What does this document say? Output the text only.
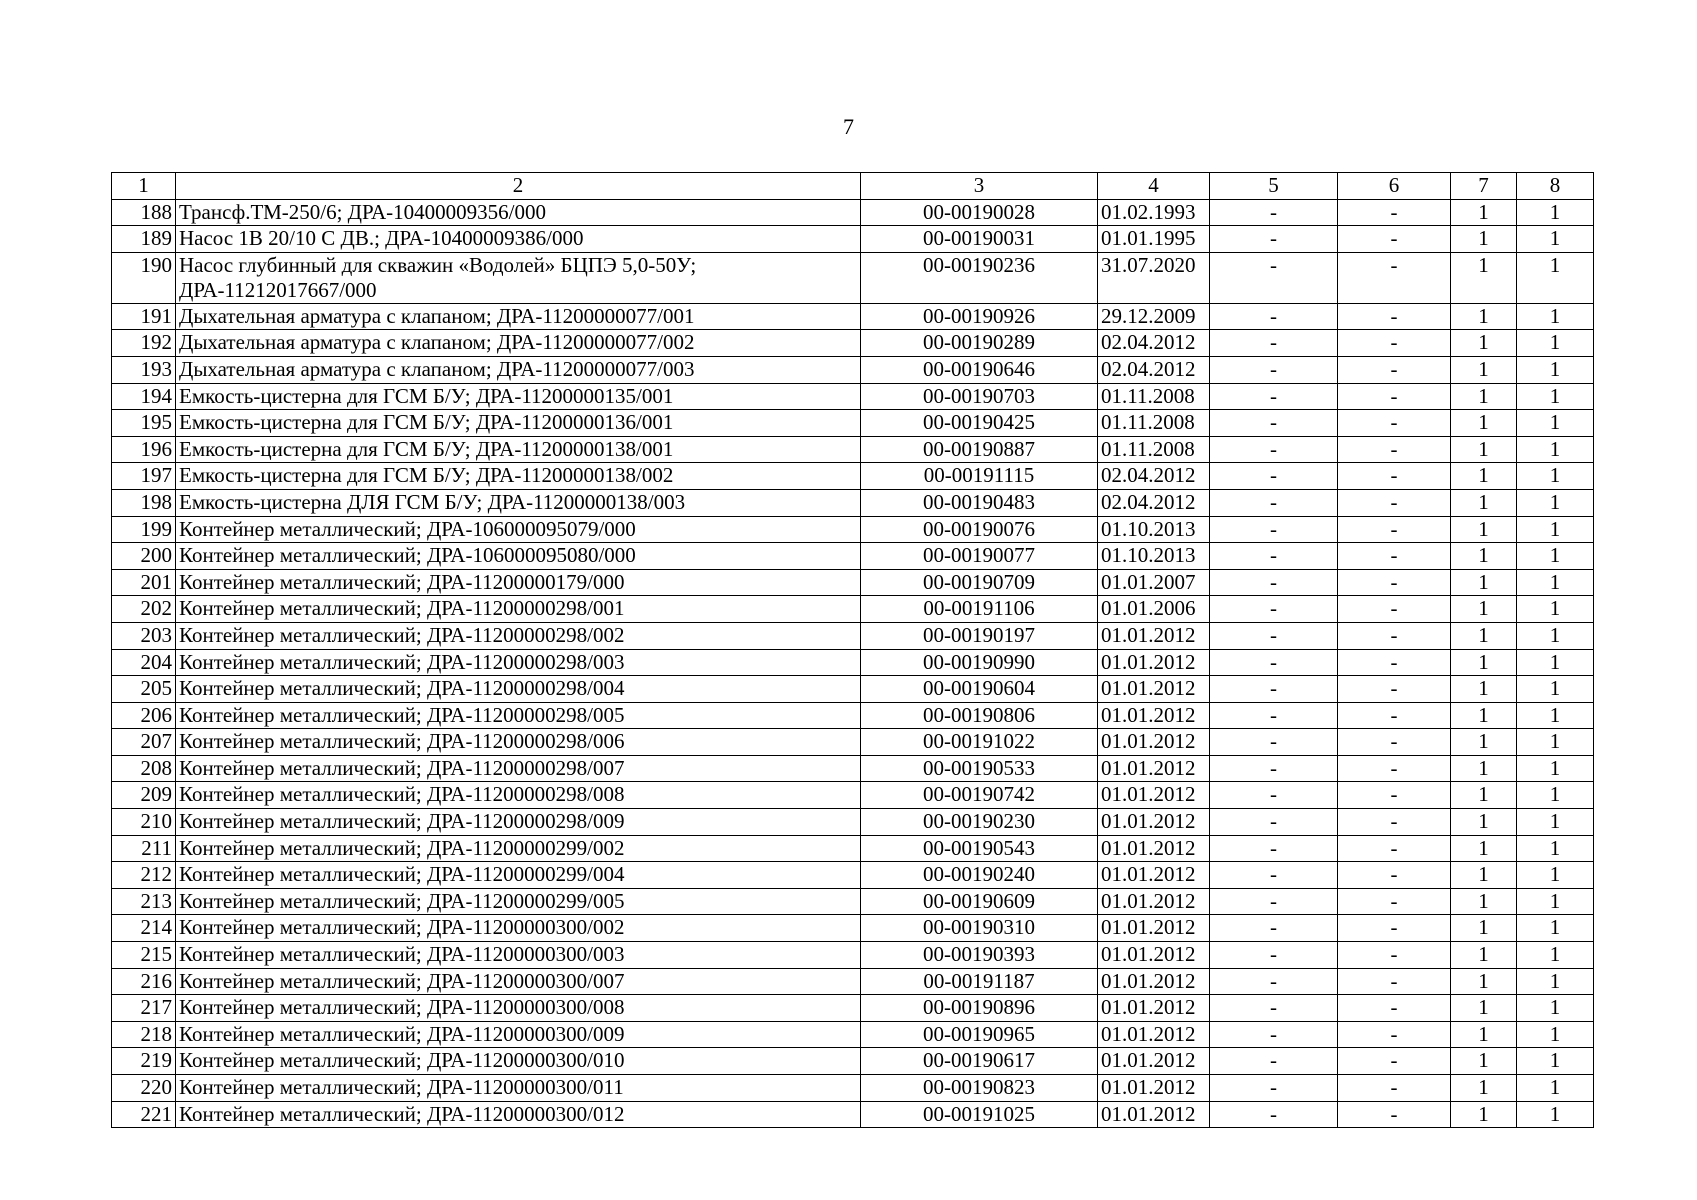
7
1	2	3	4	5	6	7	8
188	Трансф.ТМ-250/6; ДРА-10400009356/000	00-00190028	01.02.1993	-	-	1	1
189	Насос 1В 20/10 С ДВ.; ДРА-10400009386/000	00-00190031	01.01.1995	-	-	1	1
190	Насос глубинный для скважин «Водолей» БЦПЭ 5,0-50У; ДРА-11212017667/000	00-00190236	31.07.2020	-	-	1	1
191	Дыхательная арматура с клапаном; ДРА-11200000077/001	00-00190926	29.12.2009	-	-	1	1
192	Дыхательная арматура с клапаном; ДРА-11200000077/002	00-00190289	02.04.2012	-	-	1	1
193	Дыхательная арматура с клапаном; ДРА-11200000077/003	00-00190646	02.04.2012	-	-	1	1
194	Емкость-цистерна для ГСМ Б/У; ДРА-11200000135/001	00-00190703	01.11.2008	-	-	1	1
195	Емкость-цистерна для ГСМ Б/У; ДРА-11200000136/001	00-00190425	01.11.2008	-	-	1	1
196	Емкость-цистерна для ГСМ Б/У; ДРА-11200000138/001	00-00190887	01.11.2008	-	-	1	1
197	Емкость-цистерна для ГСМ Б/У; ДРА-11200000138/002	00-00191115	02.04.2012	-	-	1	1
198	Емкость-цистерна ДЛЯ ГСМ Б/У; ДРА-11200000138/003	00-00190483	02.04.2012	-	-	1	1
199	Контейнер металлический; ДРА-106000095079/000	00-00190076	01.10.2013	-	-	1	1
200	Контейнер металлический; ДРА-106000095080/000	00-00190077	01.10.2013	-	-	1	1
201	Контейнер металлический; ДРА-11200000179/000	00-00190709	01.01.2007	-	-	1	1
202	Контейнер металлический; ДРА-11200000298/001	00-00191106	01.01.2006	-	-	1	1
203	Контейнер металлический; ДРА-11200000298/002	00-00190197	01.01.2012	-	-	1	1
204	Контейнер металлический; ДРА-11200000298/003	00-00190990	01.01.2012	-	-	1	1
205	Контейнер металлический; ДРА-11200000298/004	00-00190604	01.01.2012	-	-	1	1
206	Контейнер металлический; ДРА-11200000298/005	00-00190806	01.01.2012	-	-	1	1
207	Контейнер металлический; ДРА-11200000298/006	00-00191022	01.01.2012	-	-	1	1
208	Контейнер металлический; ДРА-11200000298/007	00-00190533	01.01.2012	-	-	1	1
209	Контейнер металлический; ДРА-11200000298/008	00-00190742	01.01.2012	-	-	1	1
210	Контейнер металлический; ДРА-11200000298/009	00-00190230	01.01.2012	-	-	1	1
211	Контейнер металлический; ДРА-11200000299/002	00-00190543	01.01.2012	-	-	1	1
212	Контейнер металлический; ДРА-11200000299/004	00-00190240	01.01.2012	-	-	1	1
213	Контейнер металлический; ДРА-11200000299/005	00-00190609	01.01.2012	-	-	1	1
214	Контейнер металлический; ДРА-11200000300/002	00-00190310	01.01.2012	-	-	1	1
215	Контейнер металлический; ДРА-11200000300/003	00-00190393	01.01.2012	-	-	1	1
216	Контейнер металлический; ДРА-11200000300/007	00-00191187	01.01.2012	-	-	1	1
217	Контейнер металлический; ДРА-11200000300/008	00-00190896	01.01.2012	-	-	1	1
218	Контейнер металлический; ДРА-11200000300/009	00-00190965	01.01.2012	-	-	1	1
219	Контейнер металлический; ДРА-11200000300/010	00-00190617	01.01.2012	-	-	1	1
220	Контейнер металлический; ДРА-11200000300/011	00-00190823	01.01.2012	-	-	1	1
221	Контейнер металлический; ДРА-11200000300/012	00-00191025	01.01.2012	-	-	1	1
